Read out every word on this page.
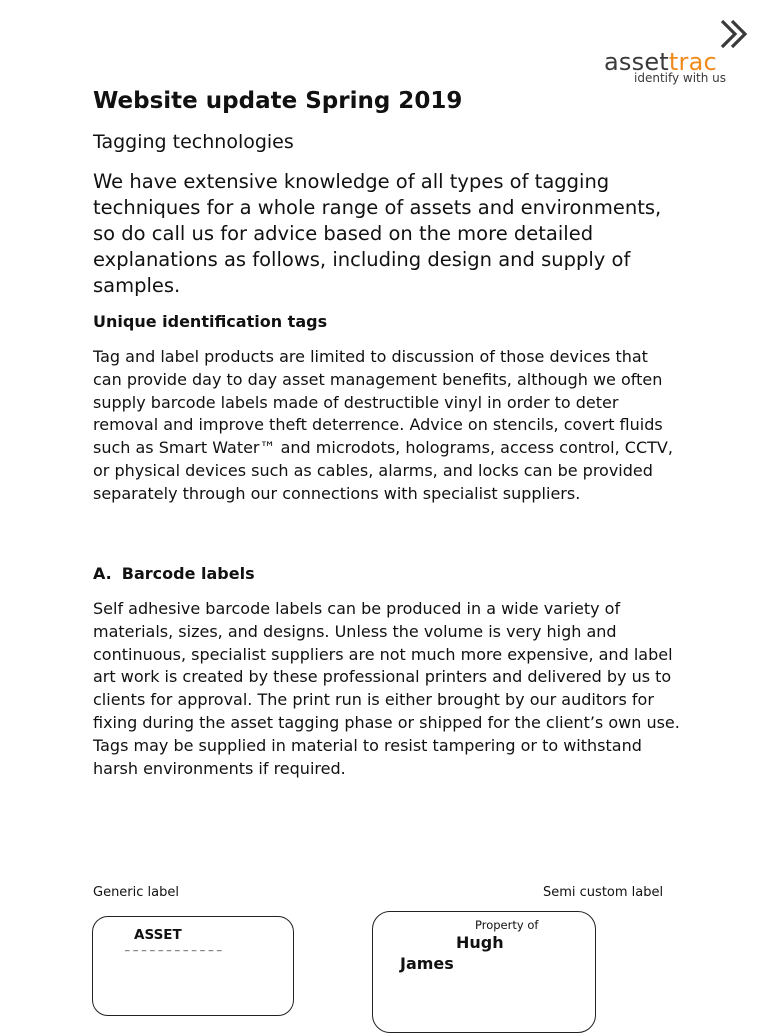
assettrac
identify with us
Website update Spring 2019
Tagging technologies

We have extensive knowledge of all types of tagging techniques for a whole range of assets and environments, so do call us for advice based on the more detailed explanations as follows, including design and supply of samples.

Unique identification tags

Tag and label products are limited to discussion of those devices that can provide day to day asset management benefits, although we often supply barcode labels made of destructible vinyl in order to deter removal and improve theft deterrence. Advice on stencils, covert fluids such as Smart Water™ and microdots, holograms, access control, CCTV, or physical devices such as cables, alarms, and locks can be provided separately through our connections with specialist suppliers.

A. Barcode labels

Self adhesive barcode labels can be produced in a wide variety of materials, sizes, and designs. Unless the volume is very high and continuous, specialist suppliers are not much more expensive, and label art work is created by these professional printers and delivered by us to clients for approval. The print run is either brought by our auditors for fixing during the asset tagging phase or shipped for the client’s own use. Tags may be supplied in material to resist tampering or to withstand harsh environments if required.

Generic label	Semi custom label
ASSET
_ _ _ _ _ _ _ _ _ _ _ _
Property of
Hugh
James
